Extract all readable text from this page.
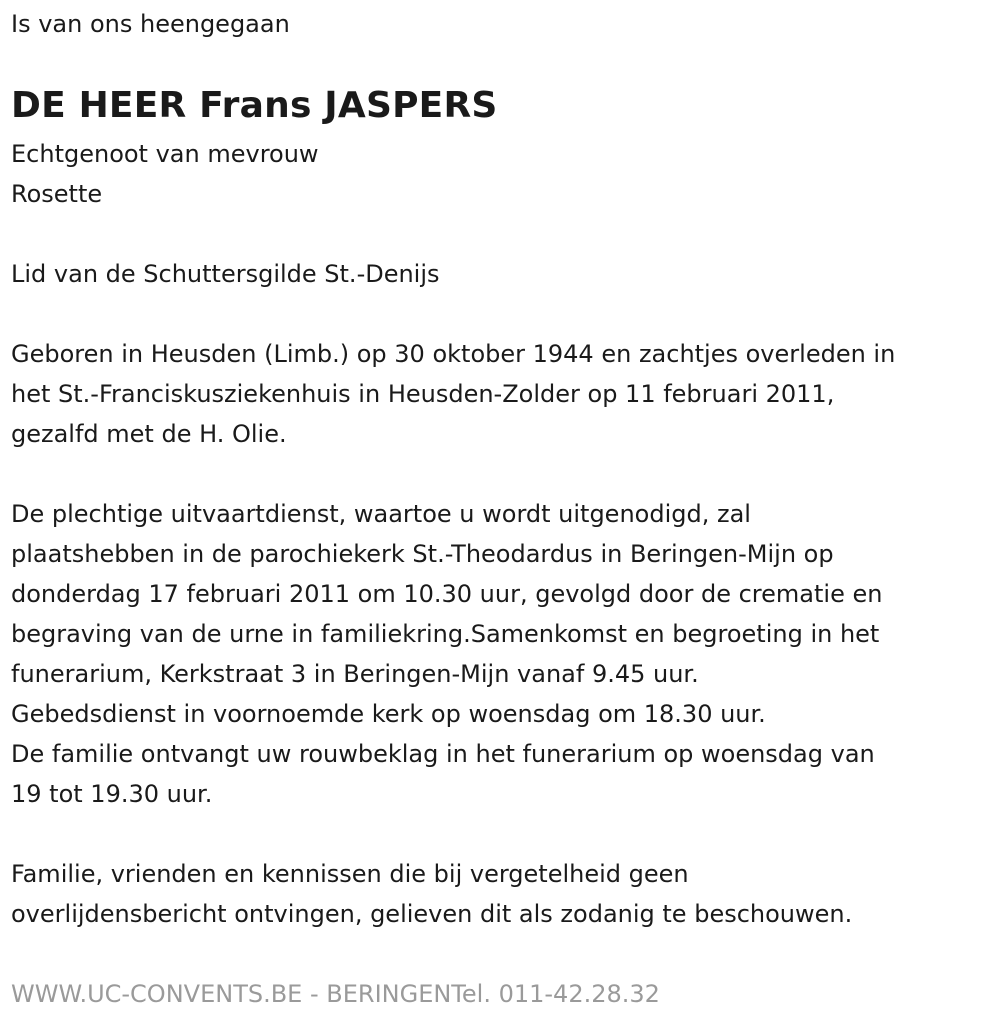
Is van ons heengegaan
DE HEER Frans JASPERS
Echtgenoot van mevrouw
Rosette
Lid van de Schuttersgilde St.-Denijs
Geboren in Heusden (Limb.) op 30 oktober 1944 en zachtjes overleden in
het St.-Franciskusziekenhuis in Heusden-Zolder op 11 februari 2011,
gezalfd met de H. Olie.
De plechtige uitvaartdienst, waartoe u wordt uitgenodigd, zal
plaatshebben in de parochiekerk St.-Theodardus in Beringen-Mijn op
donderdag 17 februari 2011 om 10.30 uur, gevolgd door de crematie en
begraving van de urne in familiekring.Samenkomst en begroeting in het
funerarium, Kerkstraat 3 in Beringen-Mijn vanaf 9.45 uur.
Gebedsdienst in voornoemde kerk op woensdag om 18.30 uur.
De familie ontvangt uw rouwbeklag in het funerarium op woensdag van
19 tot 19.30 uur.
Familie, vrienden en kennissen die bij vergetelheid geen
overlijdensbericht ontvingen, gelieven dit als zodanig te beschouwen.
WWW.UC-CONVENTS.BE - BERINGENTel. 011-42.28.32
